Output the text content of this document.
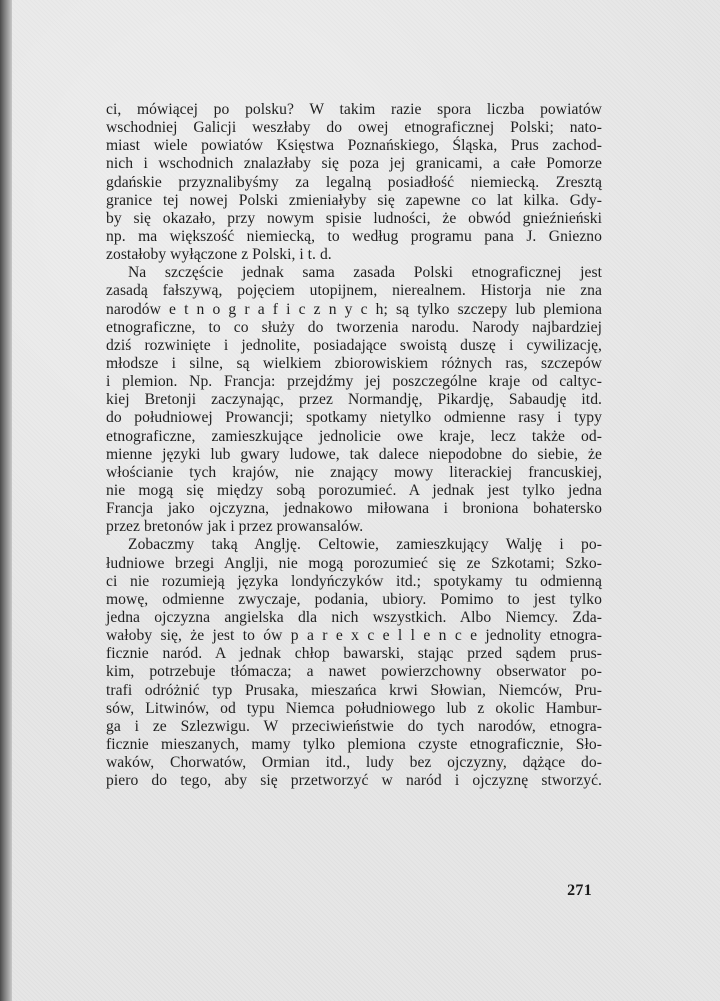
ci, mówiącej po polsku? W takim razie spora liczba powiatów
wschodniej Galicji weszłaby do owej etnograficznej Polski; nato-
miast wiele powiatów Księstwa Poznańskiego, Śląska, Prus zachod-
nich i wschodnich znalazłaby się poza jej granicami, a całe Pomorze
gdańskie przyznalibyśmy za legalną posiadłość niemiecką. Zresztą
granice tej nowej Polski zmieniałyby się zapewne co lat kilka. Gdy-
by się okazało, przy nowym spisie ludności, że obwód gnieźnieński
np. ma większość niemiecką, to według programu pana J. Gniezno
zostałoby wyłączone z Polski, i t. d.
Na szczęście jednak sama zasada Polski etnograficznej jest
zasadą fałszywą, pojęciem utopijnem, nierealnem. Historja nie zna
narodów e t n o g r a f i c z n y c h; są tylko szczepy lub plemiona
etnograficzne, to co służy do tworzenia narodu. Narody najbardziej
dziś rozwinięte i jednolite, posiadające swoistą duszę i cywilizację,
młodsze i silne, są wielkiem zbiorowiskiem różnych ras, szczepów
i plemion. Np. Francja: przejdźmy jej poszczególne kraje od caltyc-
kiej Bretonji zaczynając, przez Normandję, Pikardję, Sabaudję itd.
do południowej Prowancji; spotkamy nietylko odmienne rasy i typy
etnograficzne, zamieszkujące jednolicie owe kraje, lecz także od-
mienne języki lub gwary ludowe, tak dalece niepodobne do siebie, że
włościanie tych krajów, nie znający mowy literackiej francuskiej,
nie mogą się między sobą porozumieć. A jednak jest tylko jedna
Francja jako ojczyzna, jednakowo miłowana i broniona bohatersko
przez bretonów jak i przez prowansalów.
Zobaczmy taką Anglję. Celtowie, zamieszkujący Walję i po-
łudniowe brzegi Anglji, nie mogą porozumieć się ze Szkotami; Szko-
ci nie rozumieją języka londyńczyków itd.; spotykamy tu odmienną
mowę, odmienne zwyczaje, podania, ubiory. Pomimo to jest tylko
jedna ojczyzna angielska dla nich wszystkich. Albo Niemcy. Zda-
wałoby się, że jest to ów p a r e x c e l l e n c e jednolity etnogra-
ficznie naród. A jednak chłop bawarski, stając przed sądem prus-
kim, potrzebuje tłómacza; a nawet powierzchowny obserwator po-
trafi odróżnić typ Prusaka, mieszańca krwi Słowian, Niemców, Pru-
sów, Litwinów, od typu Niemca południowego lub z okolic Hambur-
ga i ze Szlezwigu. W przeciwieństwie do tych narodów, etnogra-
ficznie mieszanych, mamy tylko plemiona czyste etnograficznie, Sło-
waków, Chorwatów, Ormian itd., ludy bez ojczyzny, dążące do-
piero do tego, aby się przetworzyć w naród i ojczyznę stworzyć.
271
